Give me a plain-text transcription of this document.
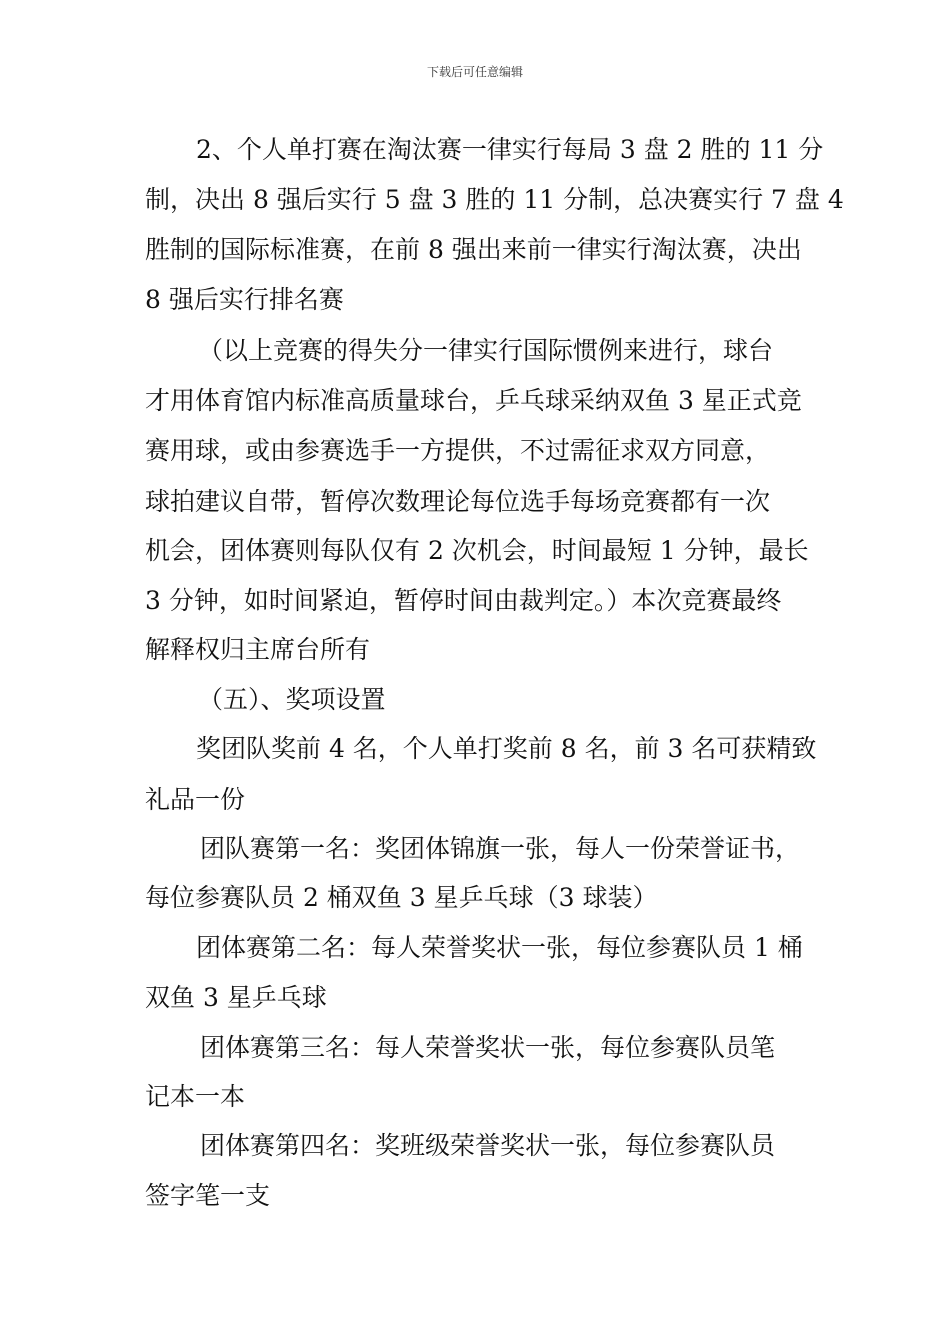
下载后可任意编辑
2、个人单打赛在淘汰赛一律实行每局 3 盘 2 胜的 11 分
制，决出 8 强后实行 5 盘 3 胜的 11 分制，总决赛实行 7 盘 4
胜制的国际标准赛，在前 8 强出来前一律实行淘汰赛，决出
8 强后实行排名赛
（以上竞赛的得失分一律实行国际惯例来进行，球台
才用体育馆内标准高质量球台，乒乓球采纳双鱼 3 星正式竞
赛用球，或由参赛选手一方提供，不过需征求双方同意，
球拍建议自带，暂停次数理论每位选手每场竞赛都有一次
机会，团体赛则每队仅有 2 次机会，时间最短 1 分钟，最长
3 分钟，如时间紧迫，暂停时间由裁判定。）本次竞赛最终
解释权归主席台所有
（五）、奖项设置
奖团队奖前 4 名，个人单打奖前 8 名，前 3 名可获精致
礼品一份
团队赛第一名：奖团体锦旗一张，每人一份荣誉证书，
每位参赛队员 2 桶双鱼 3 星乒乓球（3 球装）
团体赛第二名：每人荣誉奖状一张，每位参赛队员 1 桶
双鱼 3 星乒乓球
团体赛第三名：每人荣誉奖状一张，每位参赛队员笔
记本一本
团体赛第四名：奖班级荣誉奖状一张，每位参赛队员
签字笔一支
